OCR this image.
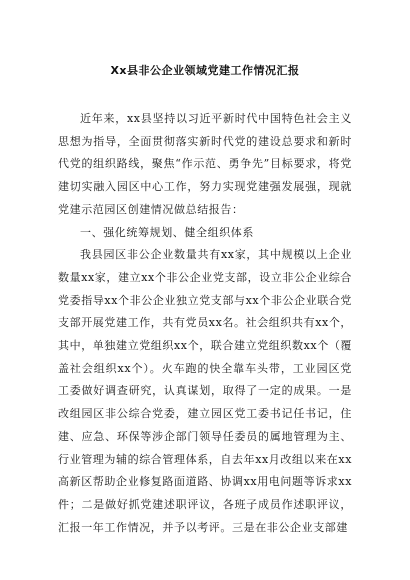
Xx县非公企业领域党建工作情况汇报

近年来，xx县坚持以习近平新时代中国特色社会主义思想为指导，全面贯彻落实新时代党的建设总要求和新时代党的组织路线，聚焦“作示范、勇争先”目标要求，将党建切实融入园区中心工作，努力实现党建强发展强，现就党建示范园区创建情况做总结报告：

一、强化统筹规划、健全组织体系

我县园区非公企业数量共有xx家，其中规模以上企业数量xx家，建立xx个非公企业党支部，设立非公企业综合党委指导xx个非公企业独立党支部与xx个非公企业联合党支部开展党建工作，共有党员xx名。社会组织共有xx个，其中，单独建立党组织xx个，联合建立党组织数xx个（覆盖社会组织xx个）。火车跑的快全靠车头带，工业园区党工委做好调查研究，认真谋划，取得了一定的成果。一是改组园区非公综合党委，建立园区党工委书记任书记，住建、应急、环保等涉企部门领导任委员的属地管理为主、行业管理为辅的综合管理体系，自去年xx月改组以来在xx高新区帮助企业修复路面道路、协调xx用电问题等诉求xx件；二是做好抓党建述职评议，各班子成员作述职评议，汇报一年工作情况，并予以考评。三是在非公企业支部建
